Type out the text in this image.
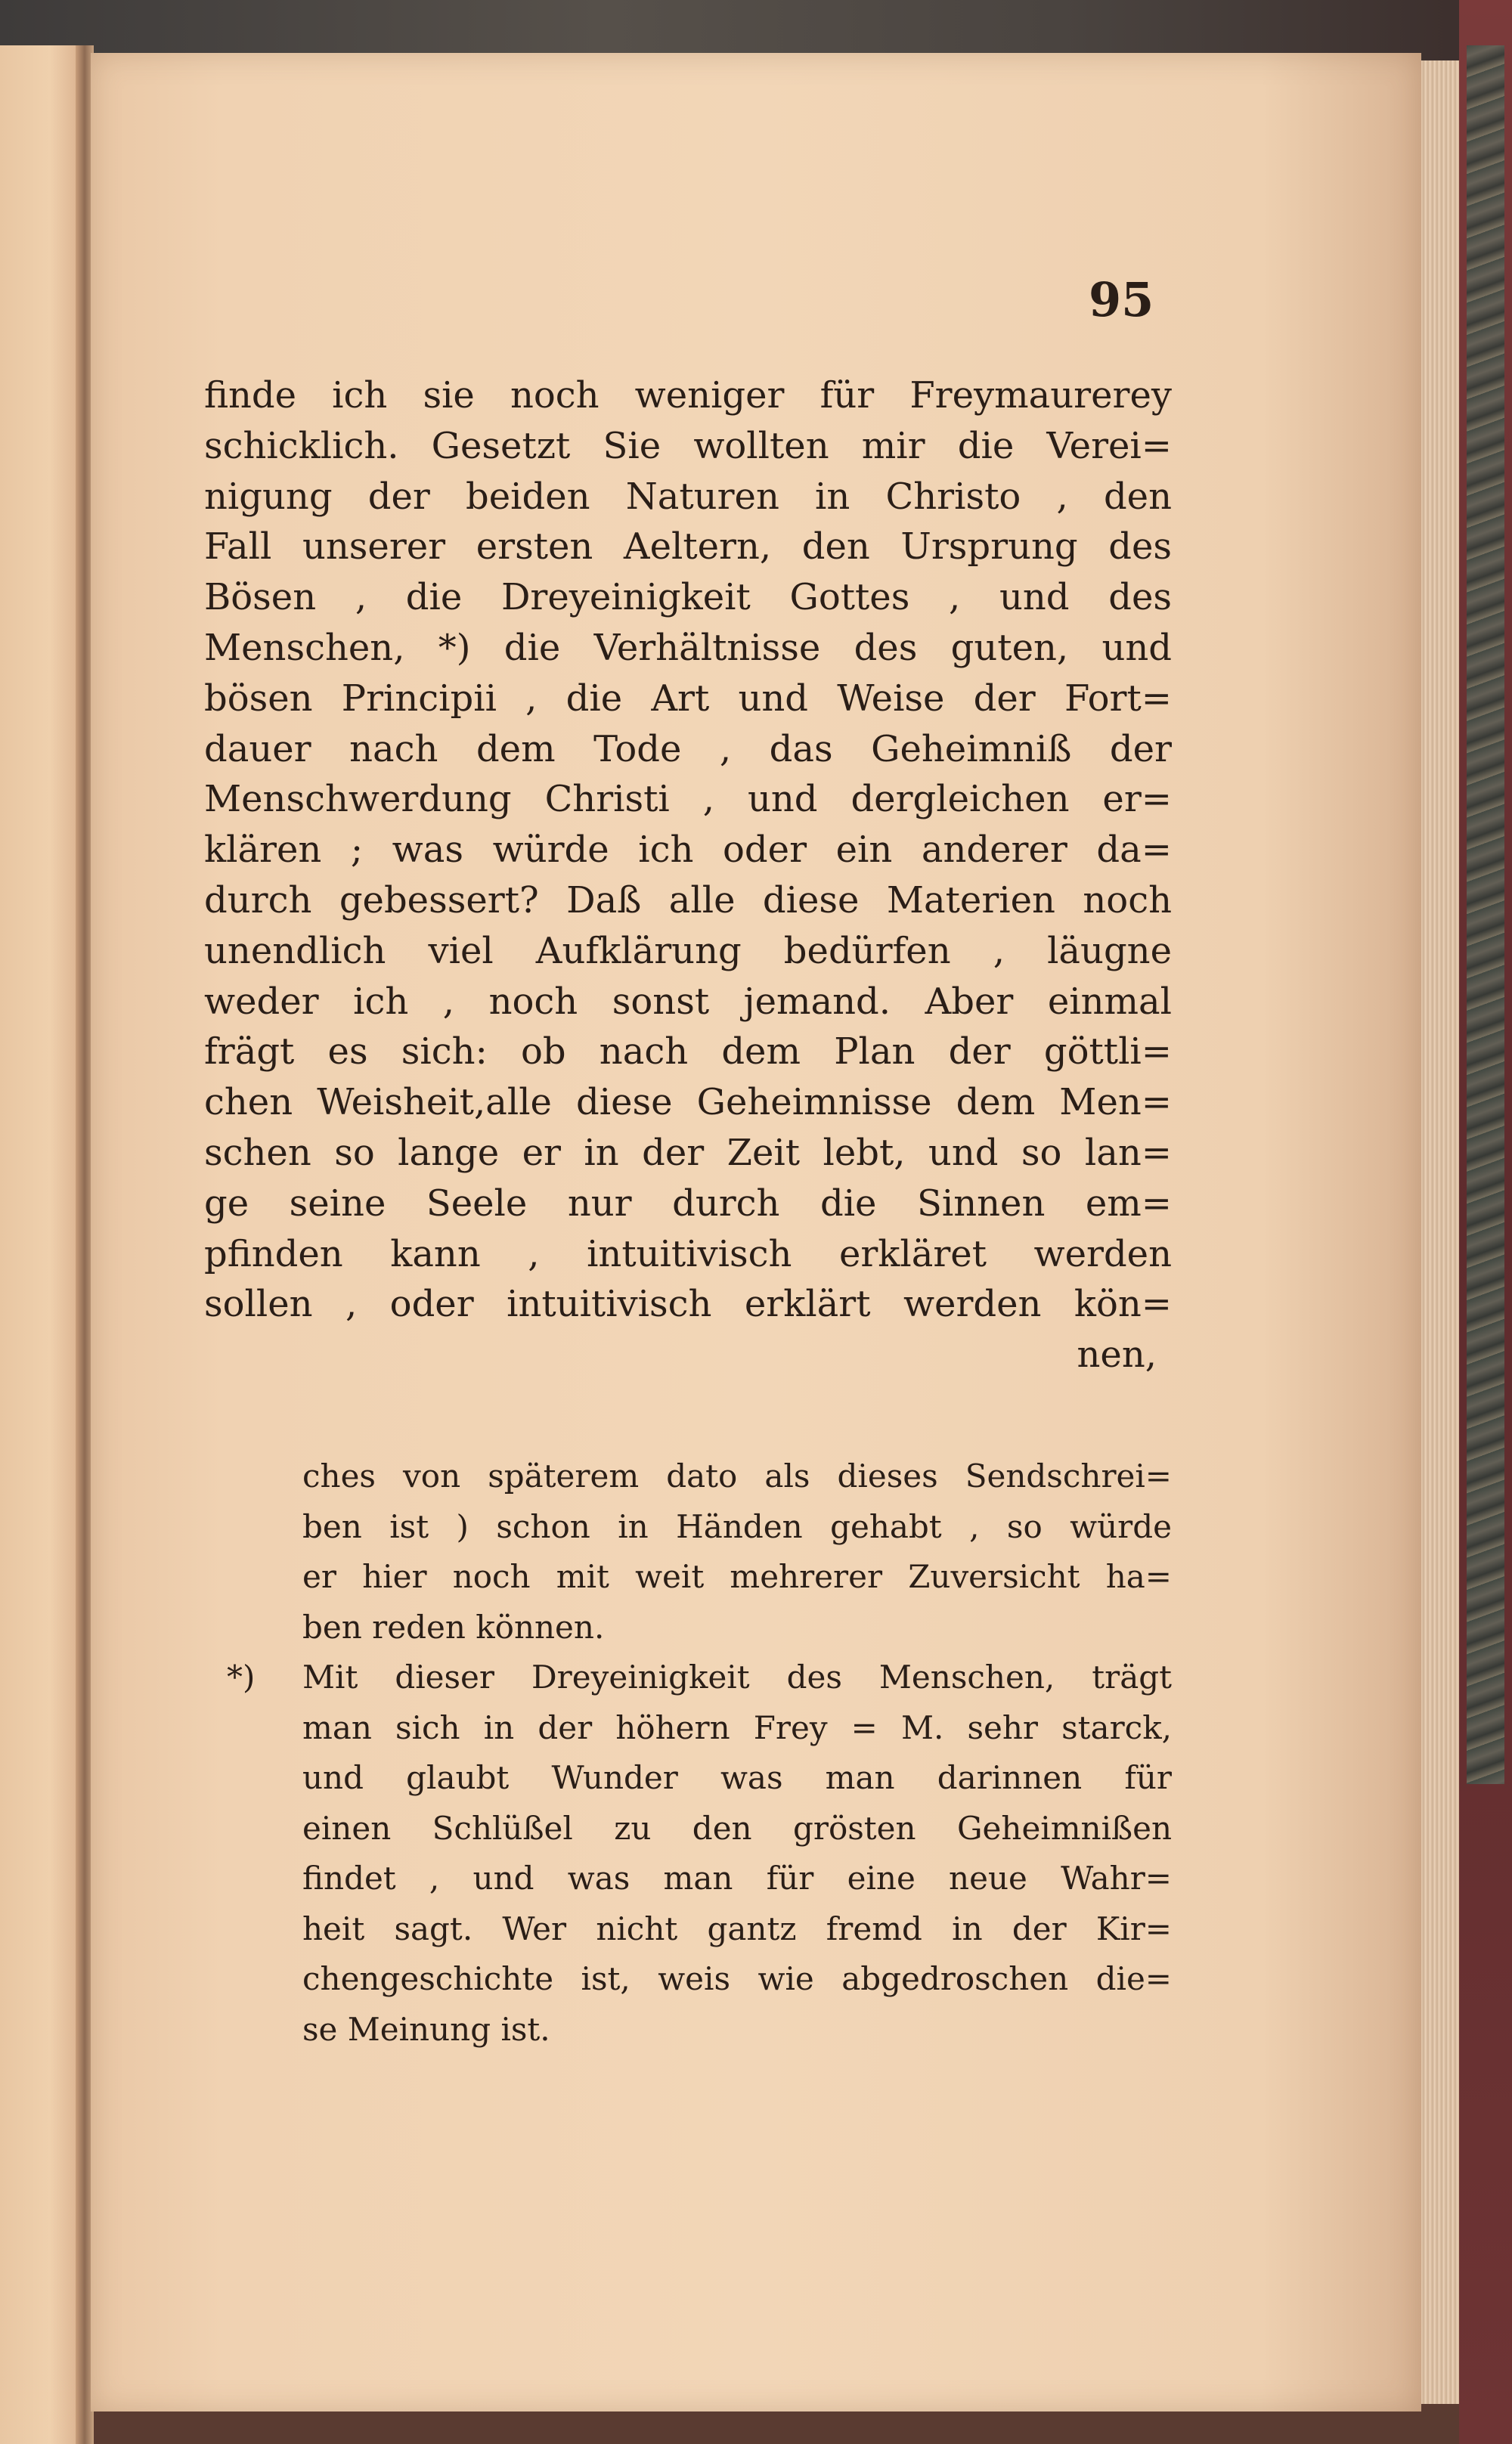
95
finde ich sie noch weniger für Freymaurerey
schicklich. Gesetzt Sie wollten mir die Verei=
nigung der beiden Naturen in Christo , den
Fall unserer ersten Aeltern, den Ursprung des
Bösen , die Dreyeinigkeit Gottes , und des
Menschen, *) die Verhältnisse des guten, und
bösen Principii , die Art und Weise der Fort=
dauer nach dem Tode , das Geheimniß der
Menschwerdung Christi , und dergleichen er=
klären ; was würde ich oder ein anderer da=
durch gebessert? Daß alle diese Materien noch
unendlich viel Aufklärung bedürfen , läugne
weder ich , noch sonst jemand. Aber einmal
frägt es sich: ob nach dem Plan der göttli=
chen Weisheit,alle diese Geheimnisse dem Men=
schen so lange er in der Zeit lebt, und so lan=
ge seine Seele nur durch die Sinnen em=
pfinden kann , intuitivisch erkläret werden
sollen , oder intuitivisch erklärt werden kön=
nen,
ches von späterem dato als dieses Sendschrei=
ben ist ) schon in Händen gehabt , so würde
er hier noch mit weit mehrerer Zuversicht ha=
ben reden können.
*) Mit dieser Dreyeinigkeit des Menschen, trägt
man sich in der höhern Frey = M. sehr starck,
und glaubt Wunder was man darinnen für
einen Schlüßel zu den grösten Geheimnißen
findet , und was man für eine neue Wahr=
heit sagt. Wer nicht gantz fremd in der Kir=
chengeschichte ist, weis wie abgedroschen die=
se Meinung ist.
